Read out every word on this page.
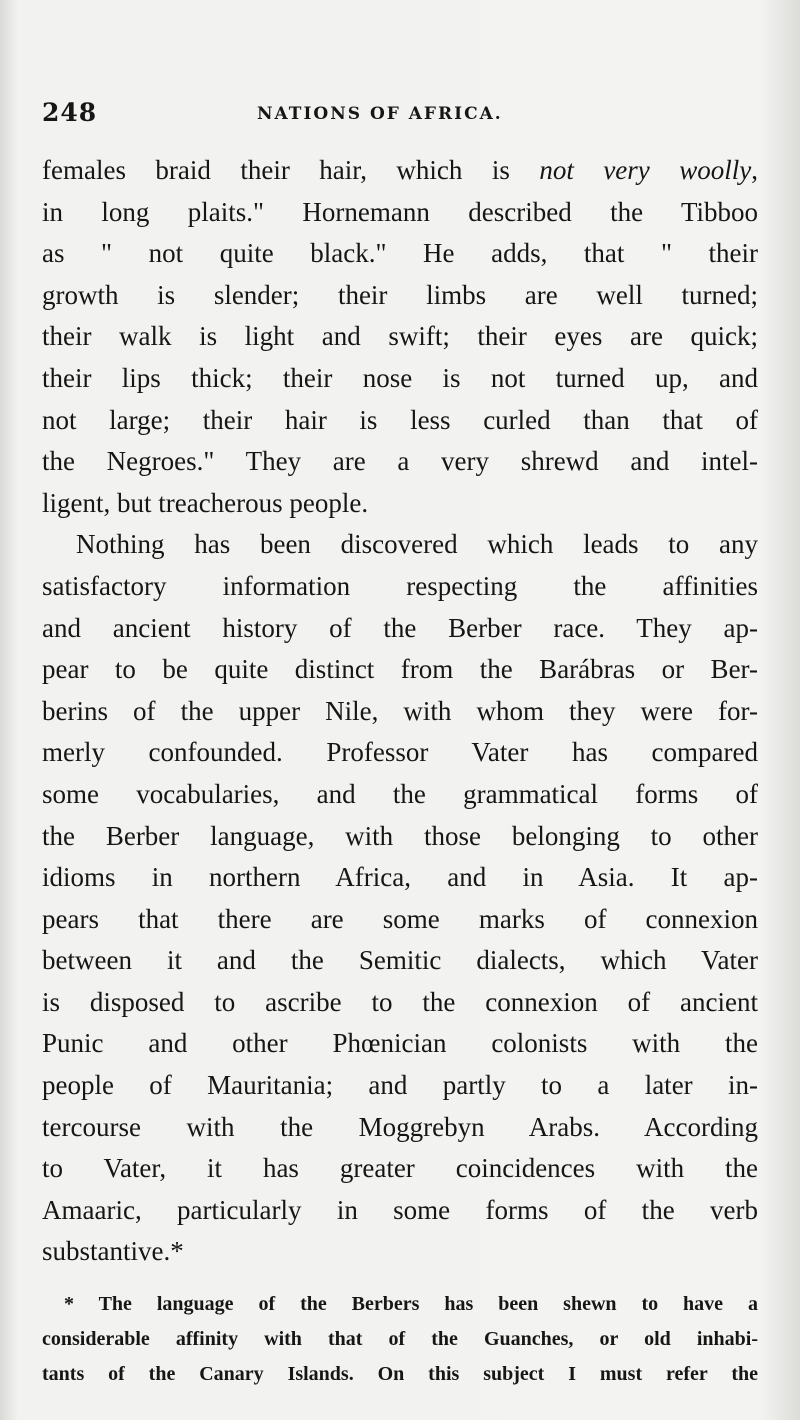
248	NATIONS OF AFRICA.
females braid their hair, which is not very woolly,
in long plaits." Hornemann described the Tibboo
as " not quite black." He adds, that " their
growth is slender; their limbs are well turned;
their walk is light and swift; their eyes are quick;
their lips thick; their nose is not turned up, and
not large; their hair is less curled than that of
the Negroes." They are a very shrewd and intel-
ligent, but treacherous people.
Nothing has been discovered which leads to any
satisfactory information respecting the affinities
and ancient history of the Berber race. They ap-
pear to be quite distinct from the Barábras or Ber-
berins of the upper Nile, with whom they were for-
merly confounded. Professor Vater has compared
some vocabularies, and the grammatical forms of
the Berber language, with those belonging to other
idioms in northern Africa, and in Asia. It ap-
pears that there are some marks of connexion
between it and the Semitic dialects, which Vater
is disposed to ascribe to the connexion of ancient
Punic and other Phœnician colonists with the
people of Mauritania; and partly to a later in-
tercourse with the Moggrebyn Arabs. According
to Vater, it has greater coincidences with the
Amaaric, particularly in some forms of the verb
substantive.*
* The language of the Berbers has been shewn to have a
considerable affinity with that of the Guanches, or old inhabi-
tants of the Canary Islands. On this subject I must refer the
